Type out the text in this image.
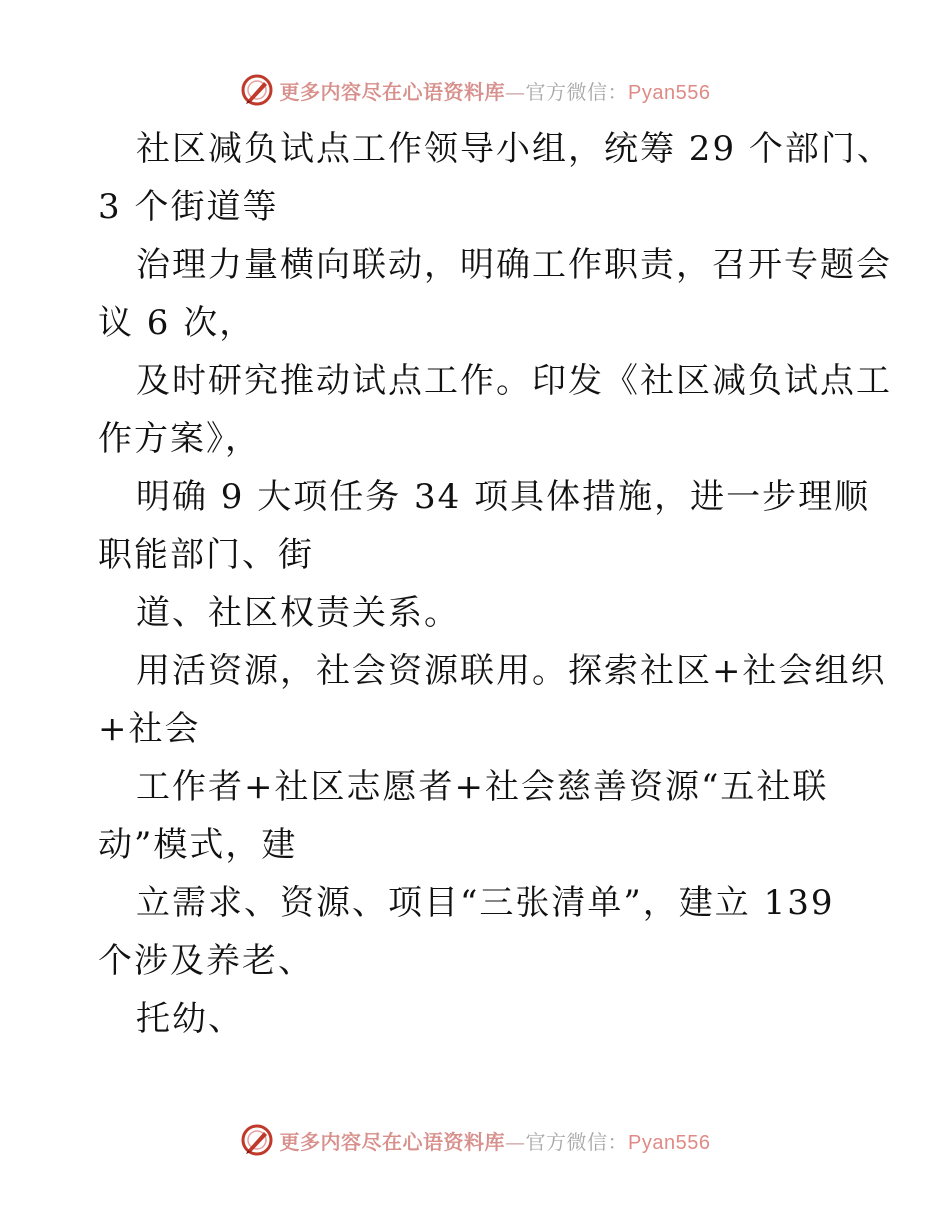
更多内容尽在心语资料库—官方微信：Pyan556
社区减负试点工作领导小组，统筹 29 个部门、
3 个街道等
治理力量横向联动，明确工作职责，召开专题会
议 6 次，
及时研究推动试点工作。印发《社区减负试点工
作方案》，
明确 9 大项任务 34 项具体措施，进一步理顺
职能部门、街
道、社区权责关系。
用活资源，社会资源联用。探索社区+社会组织
+社会
工作者+社区志愿者+社会慈善资源“五社联
动”模式，建
立需求、资源、项目“三张清单”，建立 139
个涉及养老、
托幼、
更多内容尽在心语资料库—官方微信：Pyan556
